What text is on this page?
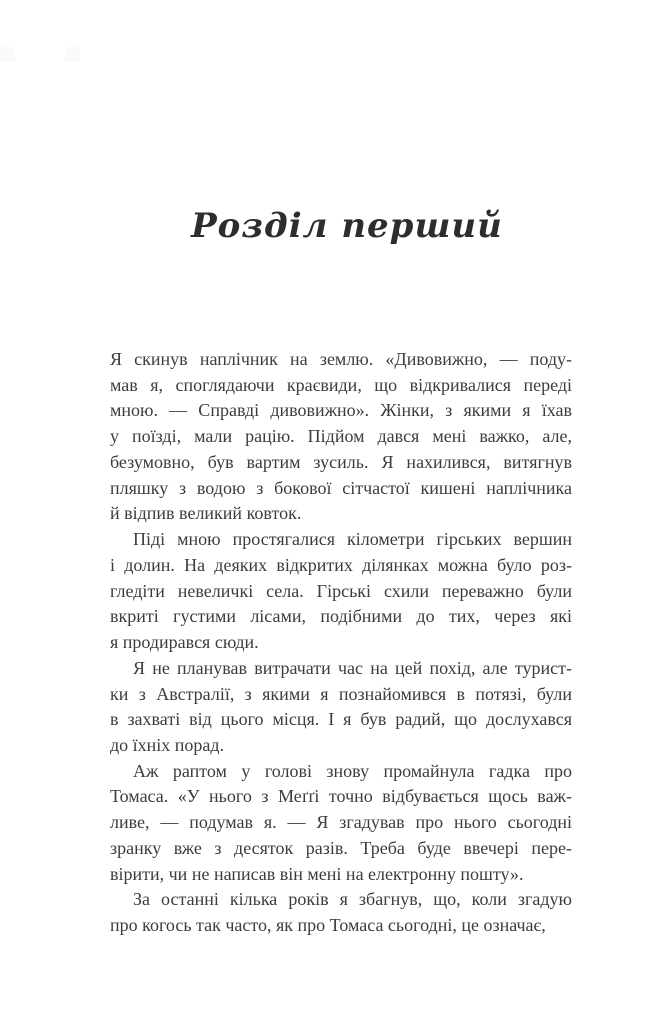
Розділ перший
Я скинув наплічник на землю. «Дивовижно, — поду-
мав я, споглядаючи краєвиди, що відкривалися переді
мною. — Справді дивовижно». Жінки, з якими я їхав
у поїзді, мали рацію. Підйом дався мені важко, але,
безумовно, був вартим зусиль. Я нахилився, витягнув
пляшку з водою з бокової сітчастої кишені наплічника
й відпив великий ковток.
Піді мною простягалися кілометри гірських вершин
і долин. На деяких відкритих ділянках можна було роз-
гледіти невеличкі села. Гірські схили переважно були
вкриті густими лісами, подібними до тих, через які
я продирався сюди.
Я не планував витрачати час на цей похід, але турист-
ки з Австралії, з якими я познайомився в потязі, були
в захваті від цього місця. І я був радий, що дослухався
до їхніх порад.
Аж раптом у голові знову промайнула гадка про
Томаса. «У нього з Меґґі точно відбувається щось важ-
ливе, — подумав я. — Я згадував про нього сьогодні
зранку вже з десяток разів. Треба буде ввечері пере-
вірити, чи не написав він мені на електронну пошту».
За останні кілька років я збагнув, що, коли згадую
про когось так часто, як про Томаса сьогодні, це означає,
